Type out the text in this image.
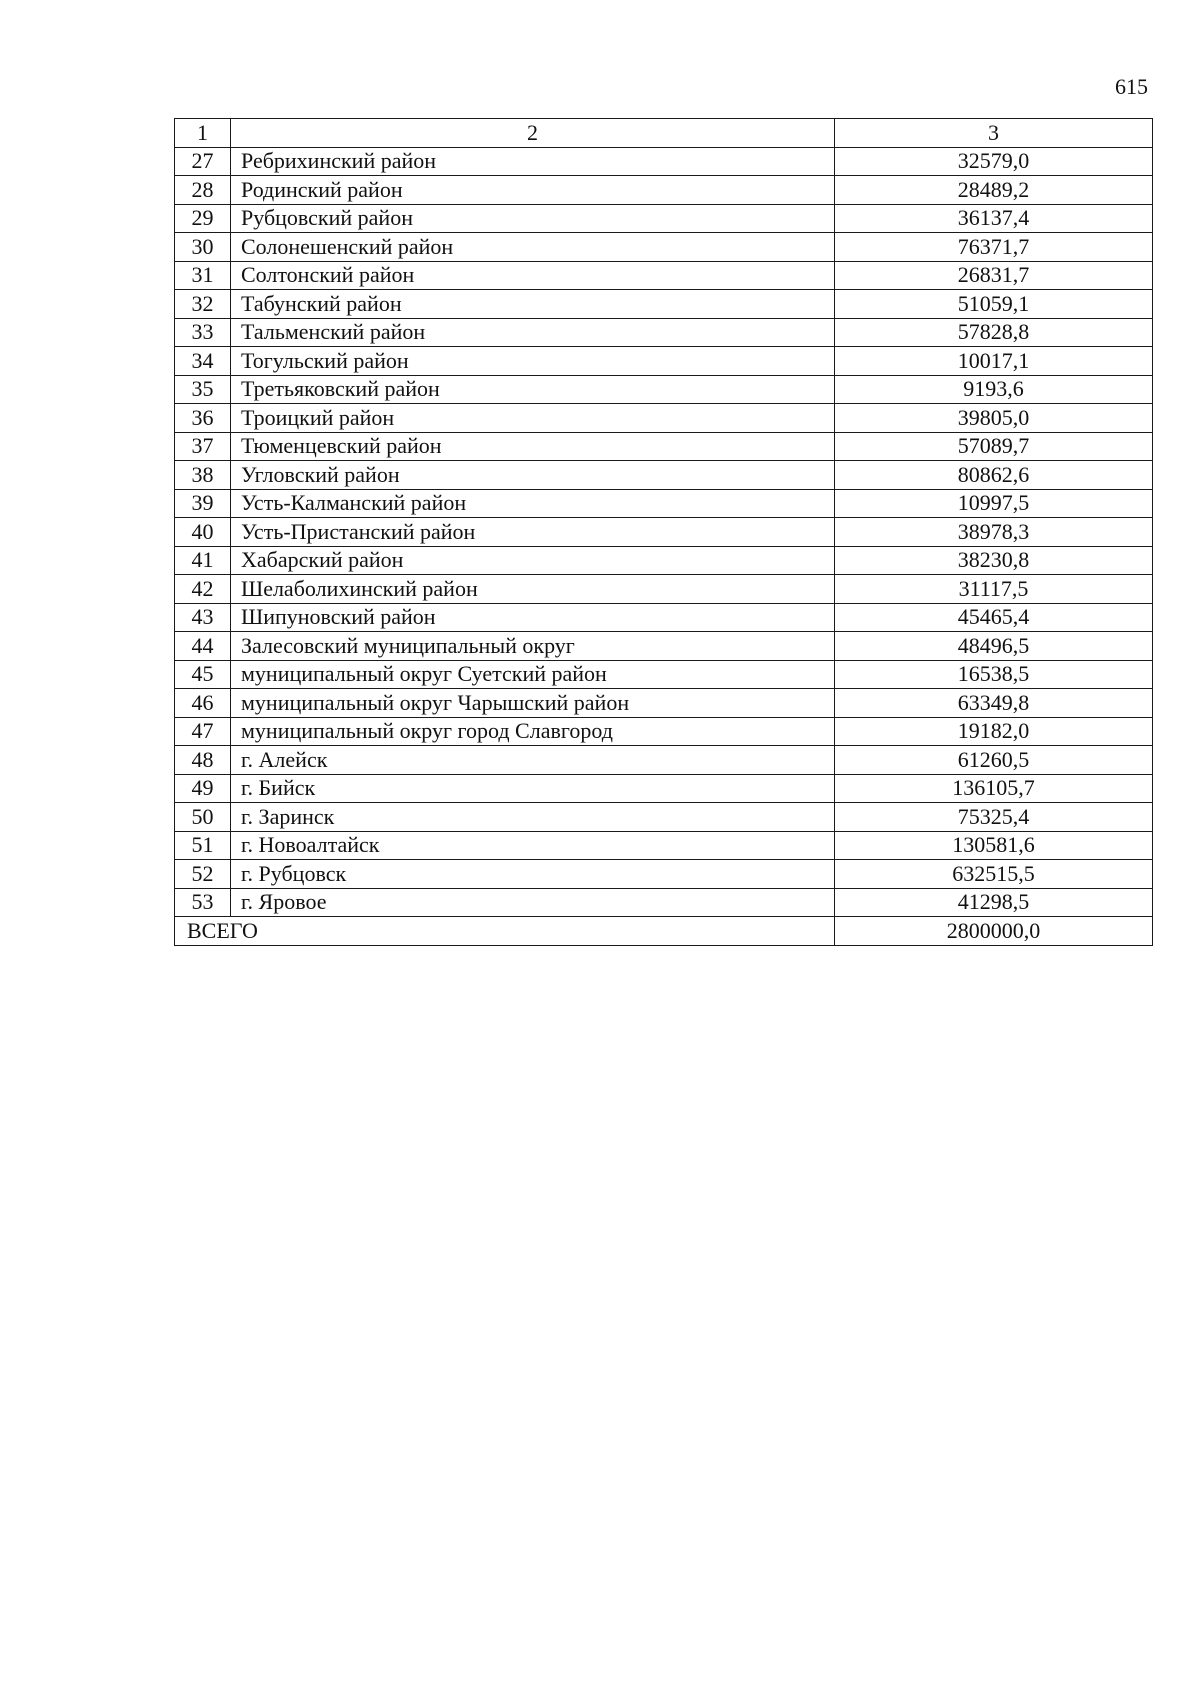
615
1	2	3
27	Ребрихинский район	32579,0
28	Родинский район	28489,2
29	Рубцовский район	36137,4
30	Солонешенский район	76371,7
31	Солтонский район	26831,7
32	Табунский район	51059,1
33	Тальменский район	57828,8
34	Тогульский район	10017,1
35	Третьяковский район	9193,6
36	Троицкий район	39805,0
37	Тюменцевский район	57089,7
38	Угловский район	80862,6
39	Усть-Калманский район	10997,5
40	Усть-Пристанский район	38978,3
41	Хабарский район	38230,8
42	Шелаболихинский район	31117,5
43	Шипуновский район	45465,4
44	Залесовский муниципальный округ	48496,5
45	муниципальный округ Суетский район	16538,5
46	муниципальный округ Чарышский район	63349,8
47	муниципальный округ город Славгород	19182,0
48	г. Алейск	61260,5
49	г. Бийск	136105,7
50	г. Заринск	75325,4
51	г. Новоалтайск	130581,6
52	г. Рубцовск	632515,5
53	г. Яровое	41298,5
ВСЕГО		2800000,0
